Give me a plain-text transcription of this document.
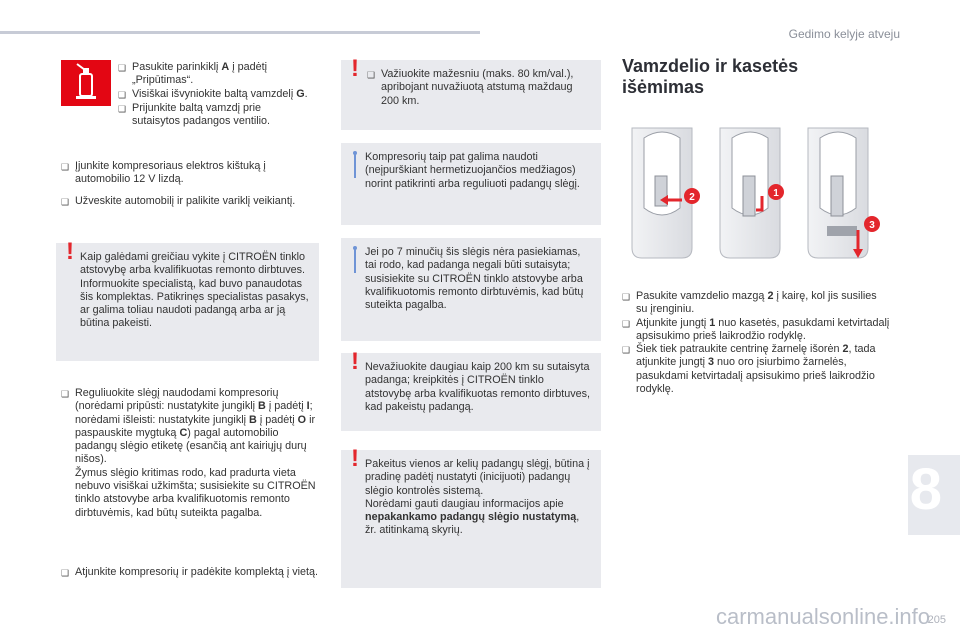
Gedimo kelyje atveju
❑ Pasukite parinkiklį A į padėtį „Pripūtimas“.
❑ Visiškai išvyniokite baltą vamzdelį G.
❑ Prijunkite baltą vamzdį prie sutaisytos padangos ventilio.
❑ Įjunkite kompresoriaus elektros kištuką į automobilio 12 V lizdą.
❑ Užveskite automobilį ir palikite variklį veikiantį.
! Kaip galėdami greičiau vykite į CITROËN tinklo atstovybę arba kvalifikuotas remonto dirbtuves.
Informuokite specialistą, kad buvo panaudotas šis komplektas. Patikrinęs specialistas pasakys, ar galima toliau naudoti padangą arba ar ją būtina pakeisti.
❑ Reguliuokite slėgį naudodami kompresorių (norėdami pripūsti: nustatykite jungiklį B į padėtį I; norėdami išleisti: nustatykite jungiklį B į padėtį O ir paspauskite mygtuką C) pagal automobilio padangų slėgio etiketę (esančią ant kairiųjų durų nišos).
Žymus slėgio kritimas rodo, kad pradurta vieta nebuvo visiškai užkimšta; susisiekite su CITROËN tinklo atstovybe arba kvalifikuotomis remonto dirbtuvėmis, kad būtų suteikta pagalba.
❑ Atjunkite kompresorių ir padėkite komplektą į vietą.
! ❑ Važiuokite mažesniu (maks. 80 km/val.), apribojant nuvažiuotą atstumą maždaug 200 km.
Kompresorių taip pat galima naudoti (neįpurškiant hermetizuojančios medžiagos) norint patikrinti arba reguliuoti padangų slėgį.
Jei po 7 minučių šis slėgis nėra pasiekiamas, tai rodo, kad padanga negali būti sutaisyta; susisiekite su CITROËN tinklo atstovybe arba kvalifikuotomis remonto dirbtuvėmis, kad būtų suteikta pagalba.
! Nevažiuokite daugiau kaip 200 km su sutaisyta padanga; kreipkitės į CITROËN tinklo atstovybę arba kvalifikuotas remonto dirbtuves, kad pakeistų padangą.
! Pakeitus vienos ar kelių padangų slėgį, būtina į pradinę padėtį nustatyti (inicijuoti) padangų slėgio kontrolės sistemą.
Norėdami gauti daugiau informacijos apie nepakankamo padangų slėgio nustatymą, žr. atitinkamą skyrių.
Vamzdelio ir kasetės
išėmimas
2	1
3
❑ Pasukite vamzdelio mazgą 2 į kairę, kol jis susilies su įrenginiu.
❑ Atjunkite jungtį 1 nuo kasetės, pasukdami ketvirtadalį apsisukimo prieš laikrodžio rodyklę.
❑ Šiek tiek patraukite centrinę žarnelę išorėn 2, tada atjunkite jungtį 3 nuo oro įsiurbimo žarnelės, pasukdami ketvirtadalį apsisukimo prieš laikrodžio rodyklę.
8
carmanualsonline.info
205
